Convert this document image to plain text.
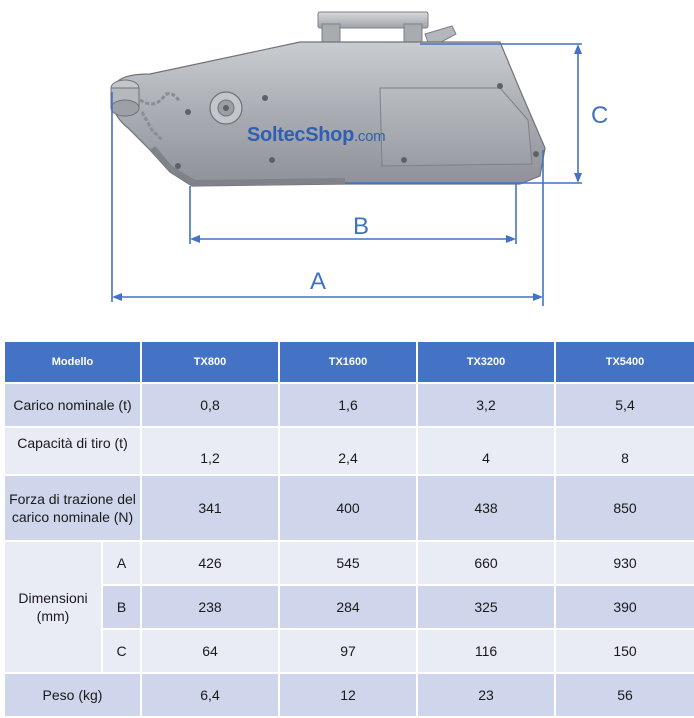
SoltecShop.com
A
B
C
Modello		TX800	TX1600	TX3200	TX5400
Carico nominale (t)		0,8	1,6	3,2	5,4
Capacità di tiro (t)		1,2	2,4	4	8
Forza di trazione del carico nominale (N)		341	400	438	850
Dimensioni (mm)	A	426	545	660	930
	B	238	284	325	390
	C	64	97	116	150
Peso (kg)		6,4	12	23	56
